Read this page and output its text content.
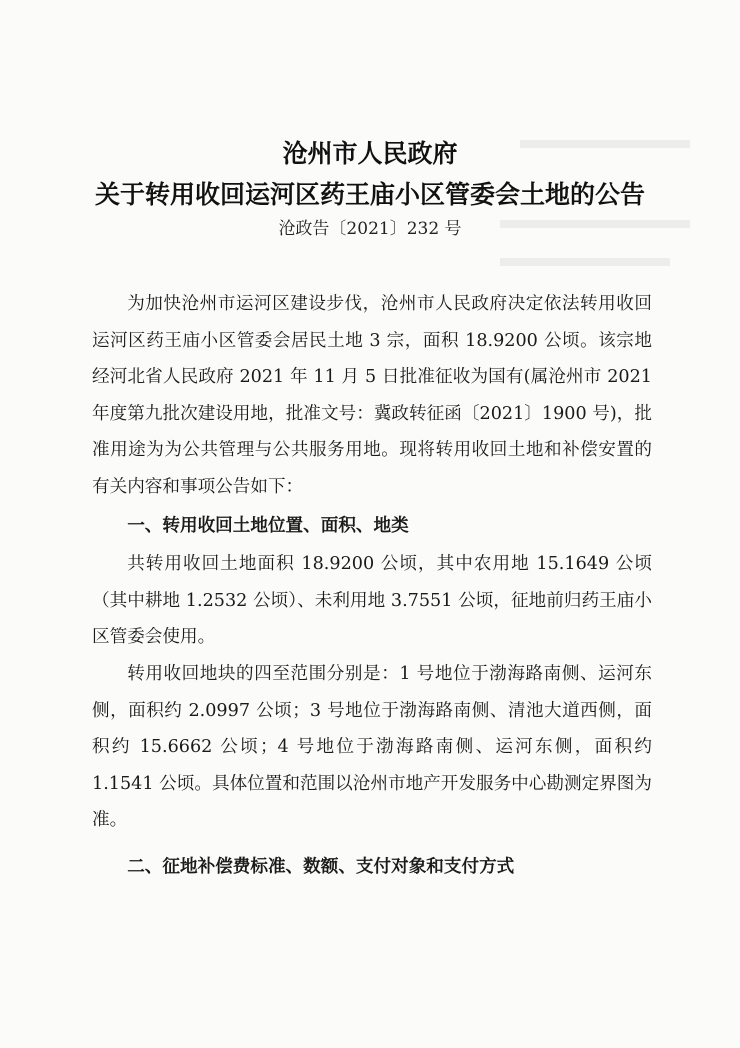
沧州市人民政府
关于转用收回运河区药王庙小区管委会土地的公告
沧政告〔2021〕232 号

为加快沧州市运河区建设步伐，沧州市人民政府决定依法转用收回运河区药王庙小区管委会居民土地 3 宗，面积 18.9200 公顷。该宗地经河北省人民政府 2021 年 11 月 5 日批准征收为国有(属沧州市 2021 年度第九批次建设用地，批准文号：冀政转征函〔2021〕1900 号)，批准用途为为公共管理与公共服务用地。现将转用收回土地和补偿安置的有关内容和事项公告如下：

一、转用收回土地位置、面积、地类

共转用收回土地面积 18.9200 公顷，其中农用地 15.1649 公顷（其中耕地 1.2532 公顷）、未利用地 3.7551 公顷，征地前归药王庙小区管委会使用。

转用收回地块的四至范围分别是：1 号地位于渤海路南侧、运河东侧，面积约 2.0997 公顷；3 号地位于渤海路南侧、清池大道西侧，面积约 15.6662 公顷；4 号地位于渤海路南侧、运河东侧，面积约 1.1541 公顷。具体位置和范围以沧州市地产开发服务中心勘测定界图为准。

二、征地补偿费标准、数额、支付对象和支付方式
